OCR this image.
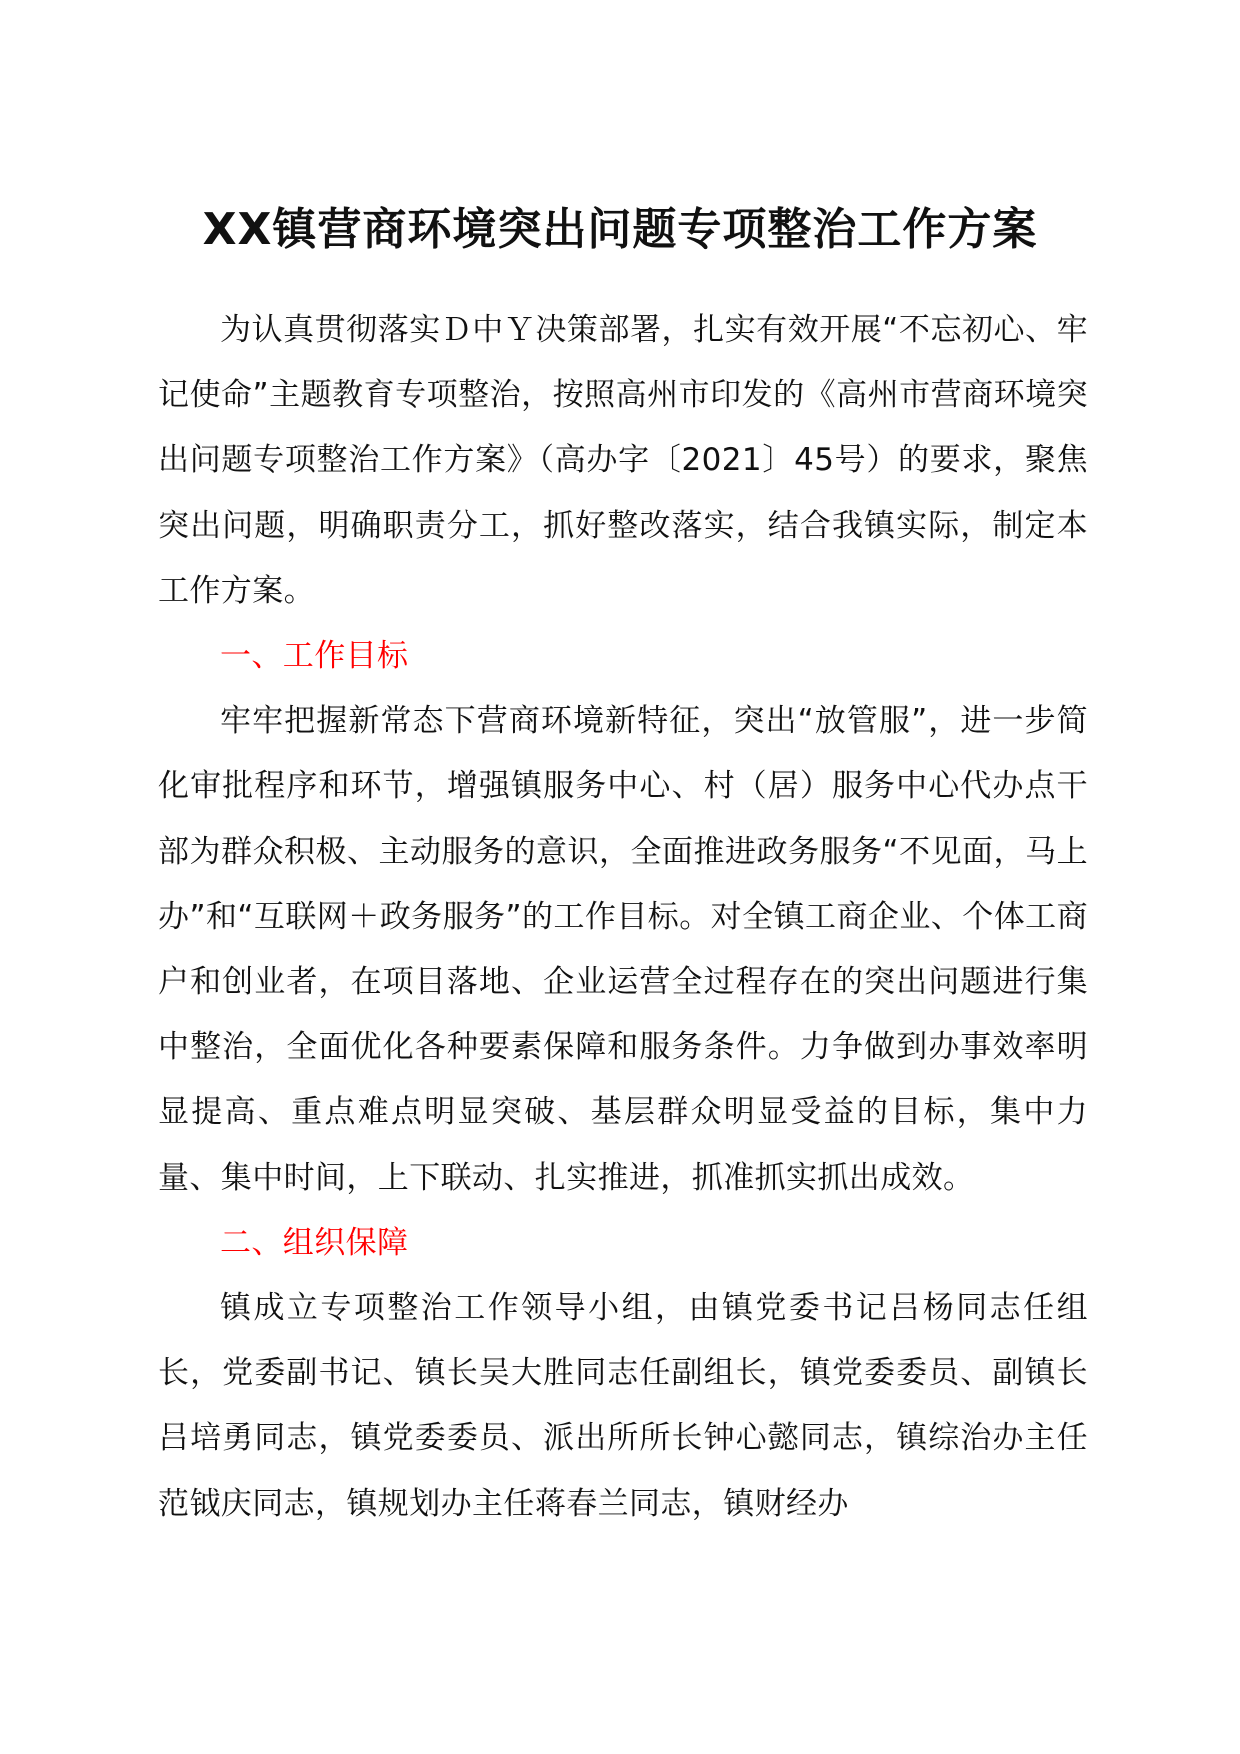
XX镇营商环境突出问题专项整治工作方案

为认真贯彻落实Ｄ中Ｙ决策部署，扎实有效开展“不忘初心、牢记使命”主题教育专项整治，按照高州市印发的《高州市营商环境突出问题专项整治工作方案》（高办字〔2021〕45号）的要求，聚焦突出问题，明确职责分工，抓好整改落实，结合我镇实际，制定本工作方案。

一、工作目标

牢牢把握新常态下营商环境新特征，突出“放管服”，进一步简化审批程序和环节，增强镇服务中心、村（居）服务中心代办点干部为群众积极、主动服务的意识，全面推进政务服务“不见面，马上办”和“互联网＋政务服务”的工作目标。对全镇工商企业、个体工商户和创业者，在项目落地、企业运营全过程存在的突出问题进行集中整治，全面优化各种要素保障和服务条件。力争做到办事效率明显提高、重点难点明显突破、基层群众明显受益的目标，集中力量、集中时间，上下联动、扎实推进，抓准抓实抓出成效。

二、组织保障

镇成立专项整治工作领导小组，由镇党委书记吕杨同志任组长，党委副书记、镇长吴大胜同志任副组长，镇党委委员、副镇长吕培勇同志，镇党委委员、派出所所长钟心懿同志，镇综治办主任范钺庆同志，镇规划办主任蒋春兰同志，镇财经办
